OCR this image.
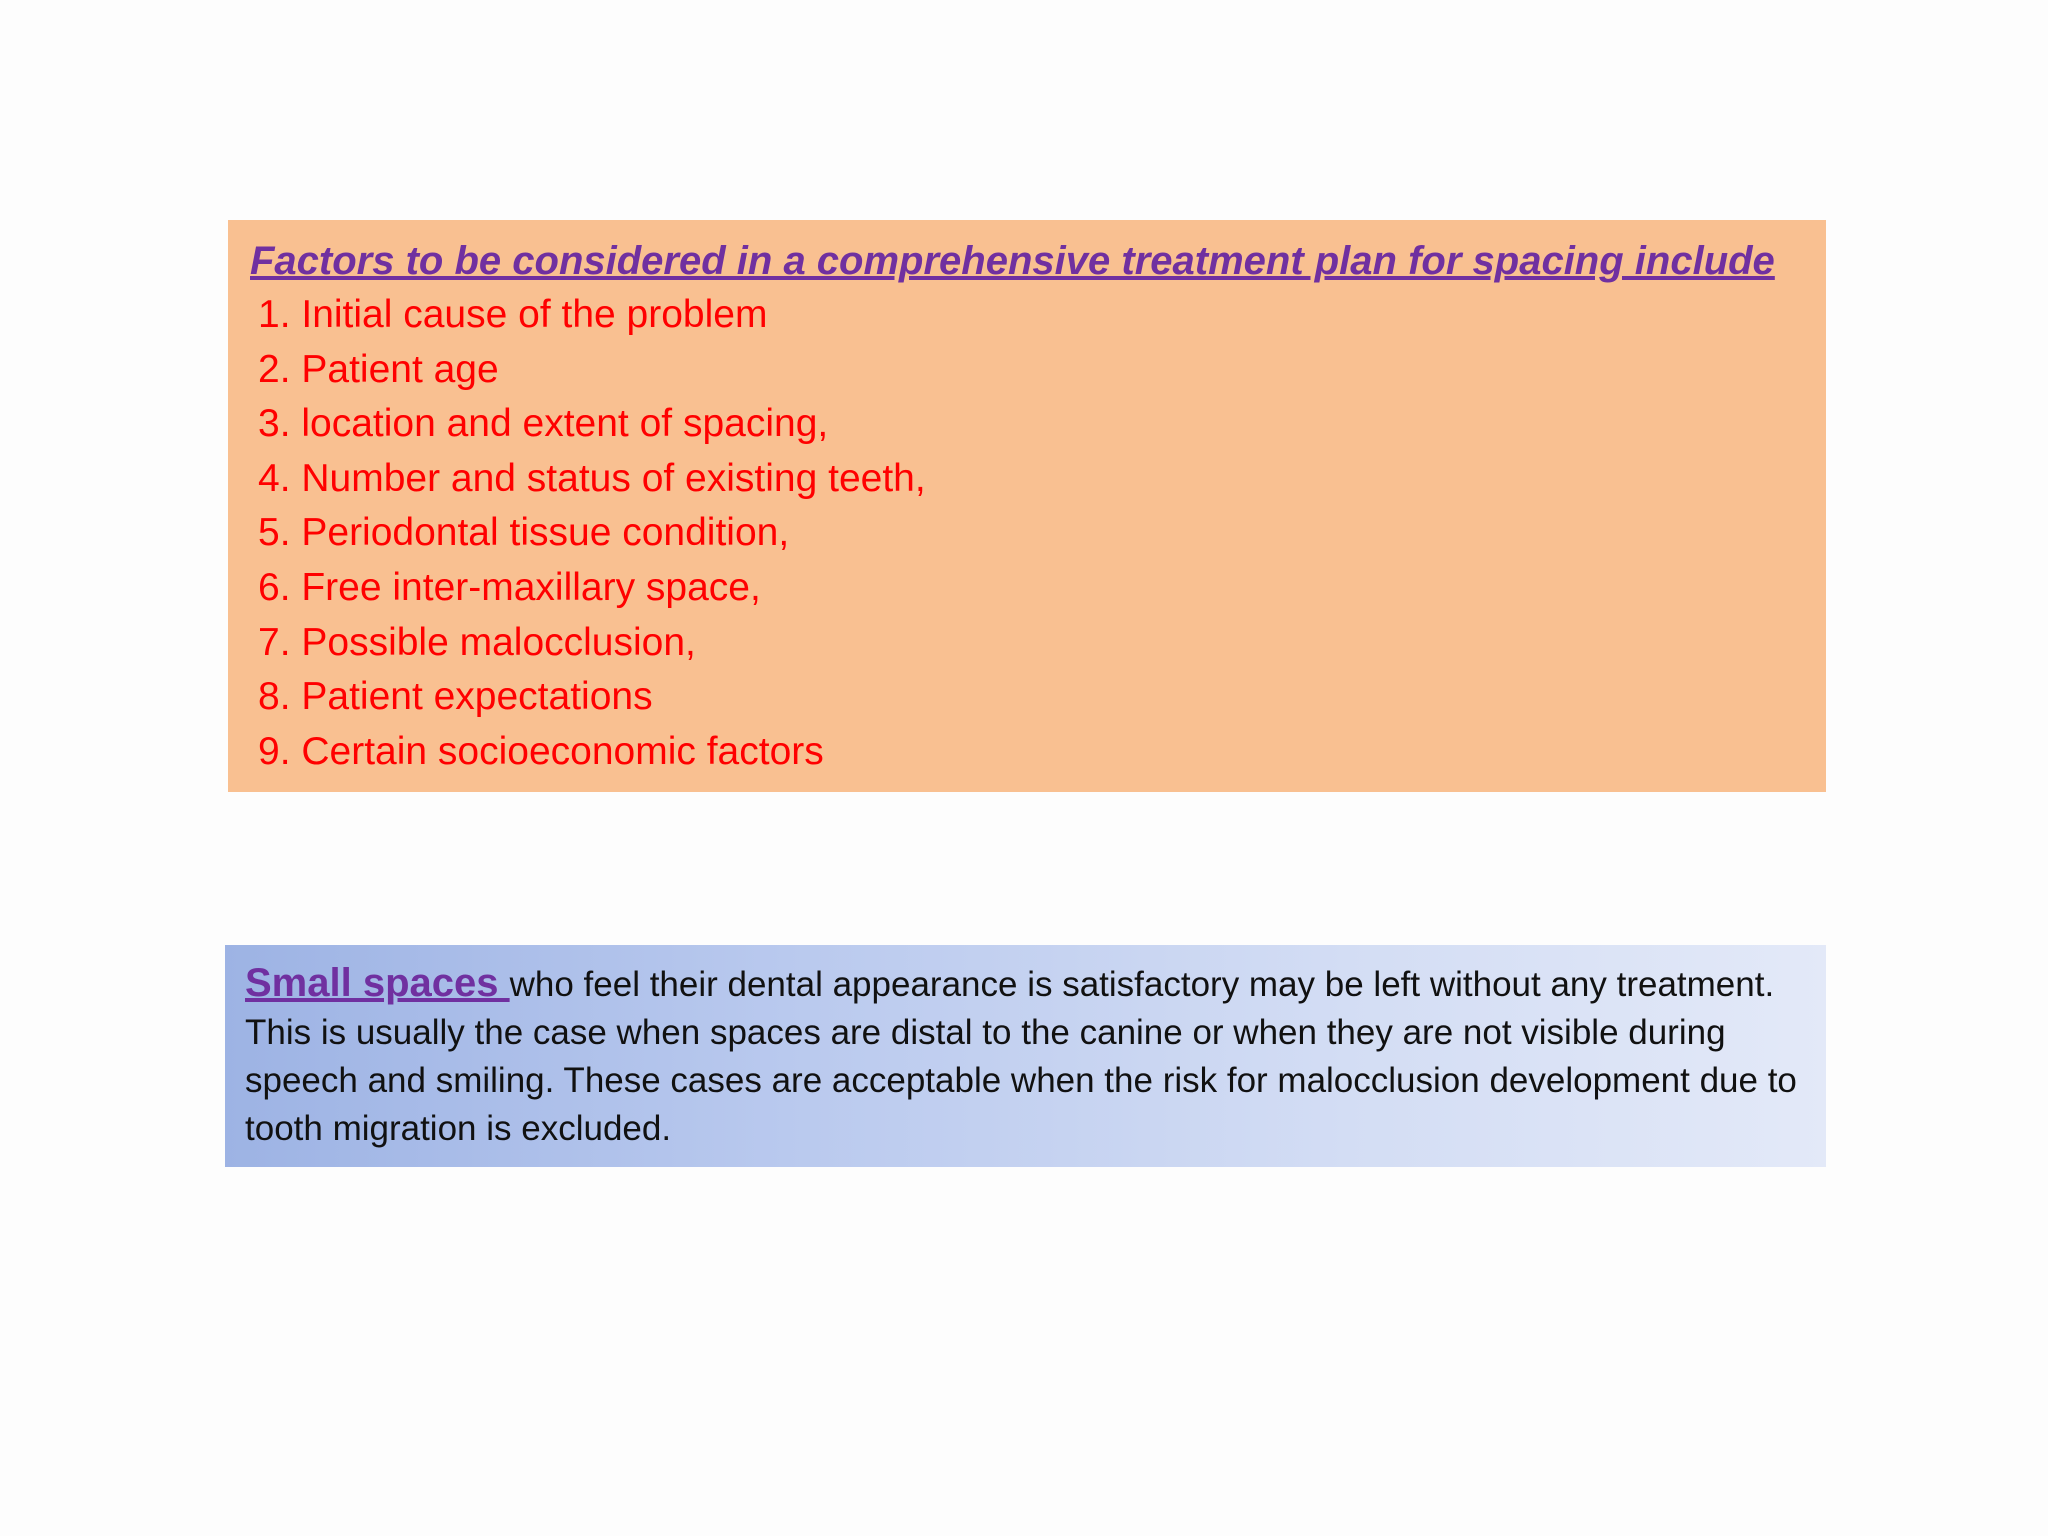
Factors to be considered in a comprehensive treatment plan for spacing include

1. Initial cause of the problem
2. Patient age
3. location and extent of spacing,
4. Number and status of existing teeth,
5. Periodontal tissue condition,
6. Free inter-maxillary space,
7. Possible malocclusion,
8. Patient expectations
9. Certain socioeconomic factors

Small spaces who feel their dental appearance is satisfactory may be left without any treatment. This is usually the case when spaces are distal to the canine or when they are not visible during speech and smiling. These cases are acceptable when the risk for malocclusion development due to tooth migration is excluded.
